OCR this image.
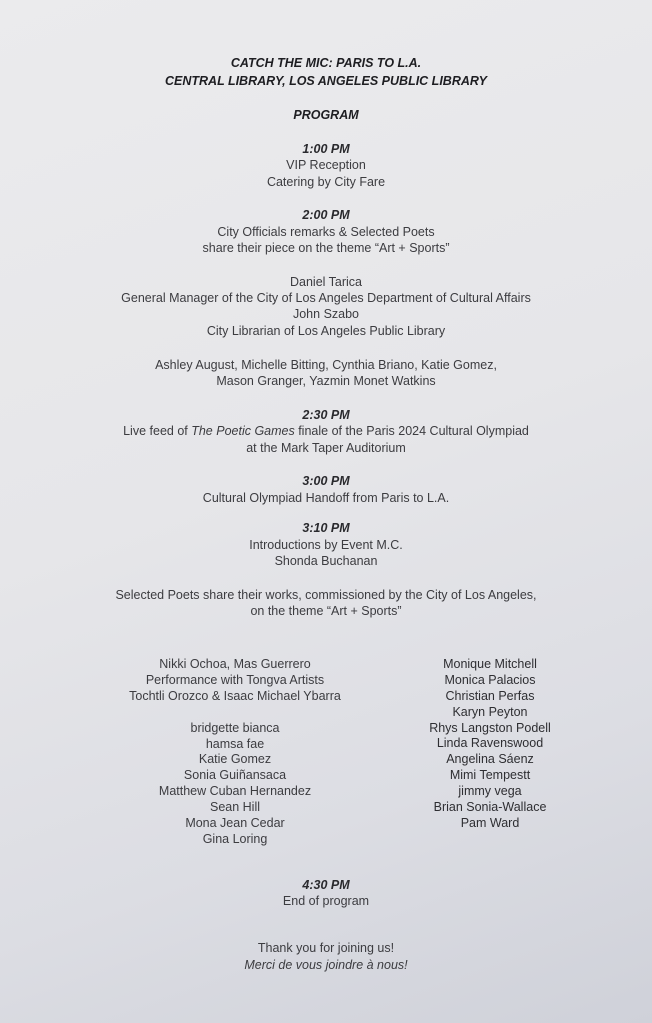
CATCH THE MIC: PARIS TO L.A.
CENTRAL LIBRARY, LOS ANGELES PUBLIC LIBRARY
PROGRAM
1:00 PM
VIP Reception
Catering by City Fare
2:00 PM
City Officials remarks & Selected Poets
share their piece on the theme “Art + Sports”
Daniel Tarica
General Manager of the City of Los Angeles Department of Cultural Affairs
John Szabo
City Librarian of Los Angeles Public Library
Ashley August, Michelle Bitting, Cynthia Briano, Katie Gomez,
Mason Granger, Yazmin Monet Watkins
2:30 PM
Live feed of The Poetic Games finale of the Paris 2024 Cultural Olympiad
at the Mark Taper Auditorium
3:00 PM
Cultural Olympiad Handoff from Paris to L.A.
3:10 PM
Introductions by Event M.C.
Shonda Buchanan
Selected Poets share their works, commissioned by the City of Los Angeles,
on the theme “Art + Sports”
Nikki Ochoa, Mas Guerrero
Performance with Tongva Artists
Tochtli Orozco & Isaac Michael Ybarra
bridgette bianca
hamsa fae
Katie Gomez
Sonia Guiñansaca
Matthew Cuban Hernandez
Sean Hill
Mona Jean Cedar
Gina Loring
Monique Mitchell
Monica Palacios
Christian Perfas
Karyn Peyton
Rhys Langston Podell
Linda Ravenswood
Angelina Sáenz
Mimi Tempestt
jimmy vega
Brian Sonia-Wallace
Pam Ward
4:30 PM
End of program
Thank you for joining us!
Merci de vous joindre à nous!
